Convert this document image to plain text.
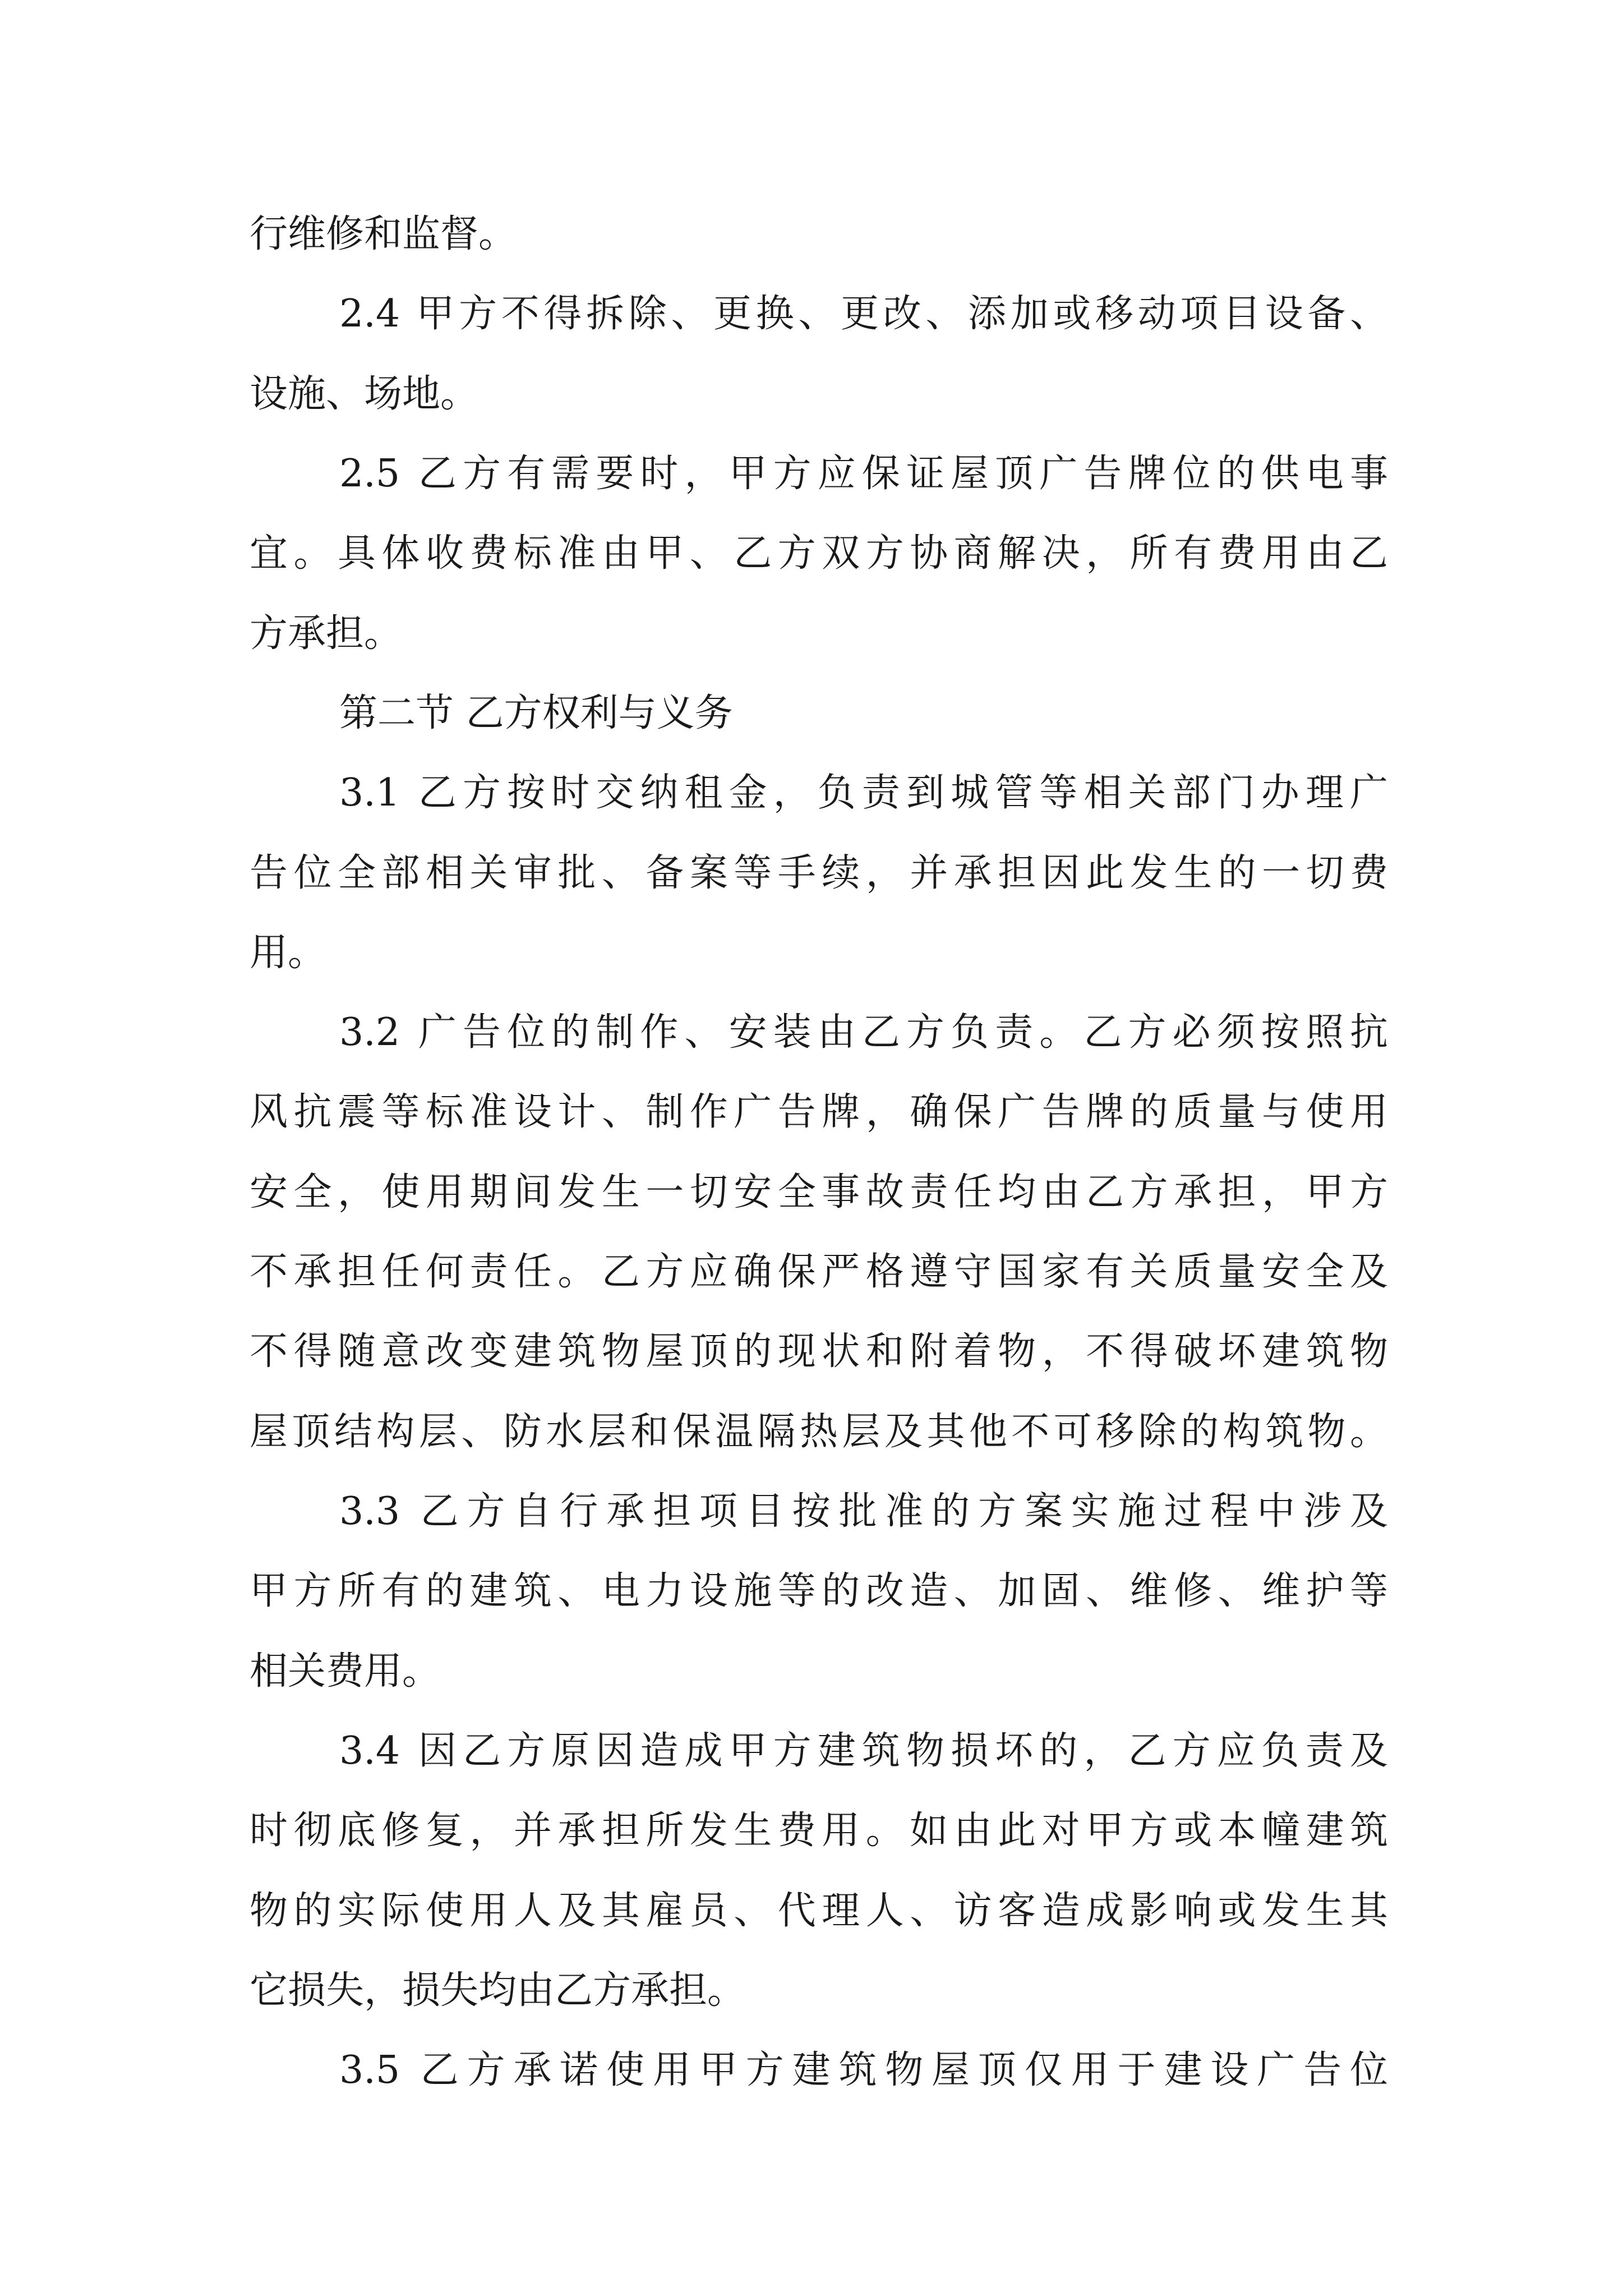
行维修和监督。
2.4 甲方不得拆除、更换、更改、添加或移动项目设备、
设施、场地。
2.5 乙方有需要时，甲方应保证屋顶广告牌位的供电事
宜。具体收费标准由甲、乙方双方协商解决，所有费用由乙
方承担。
第二节 乙方权利与义务
3.1 乙方按时交纳租金，负责到城管等相关部门办理广
告位全部相关审批、备案等手续，并承担因此发生的一切费
用。
3.2 广告位的制作、安装由乙方负责。乙方必须按照抗
风抗震等标准设计、制作广告牌，确保广告牌的质量与使用
安全，使用期间发生一切安全事故责任均由乙方承担，甲方
不承担任何责任。乙方应确保严格遵守国家有关质量安全及
不得随意改变建筑物屋顶的现状和附着物，不得破坏建筑物
屋顶结构层、防水层和保温隔热层及其他不可移除的构筑物。
3.3 乙方自行承担项目按批准的方案实施过程中涉及
甲方所有的建筑、电力设施等的改造、加固、维修、维护等
相关费用。
3.4 因乙方原因造成甲方建筑物损坏的，乙方应负责及
时彻底修复，并承担所发生费用。如由此对甲方或本幢建筑
物的实际使用人及其雇员、代理人、访客造成影响或发生其
它损失，损失均由乙方承担。
3.5 乙方承诺使用甲方建筑物屋顶仅用于建设广告位
